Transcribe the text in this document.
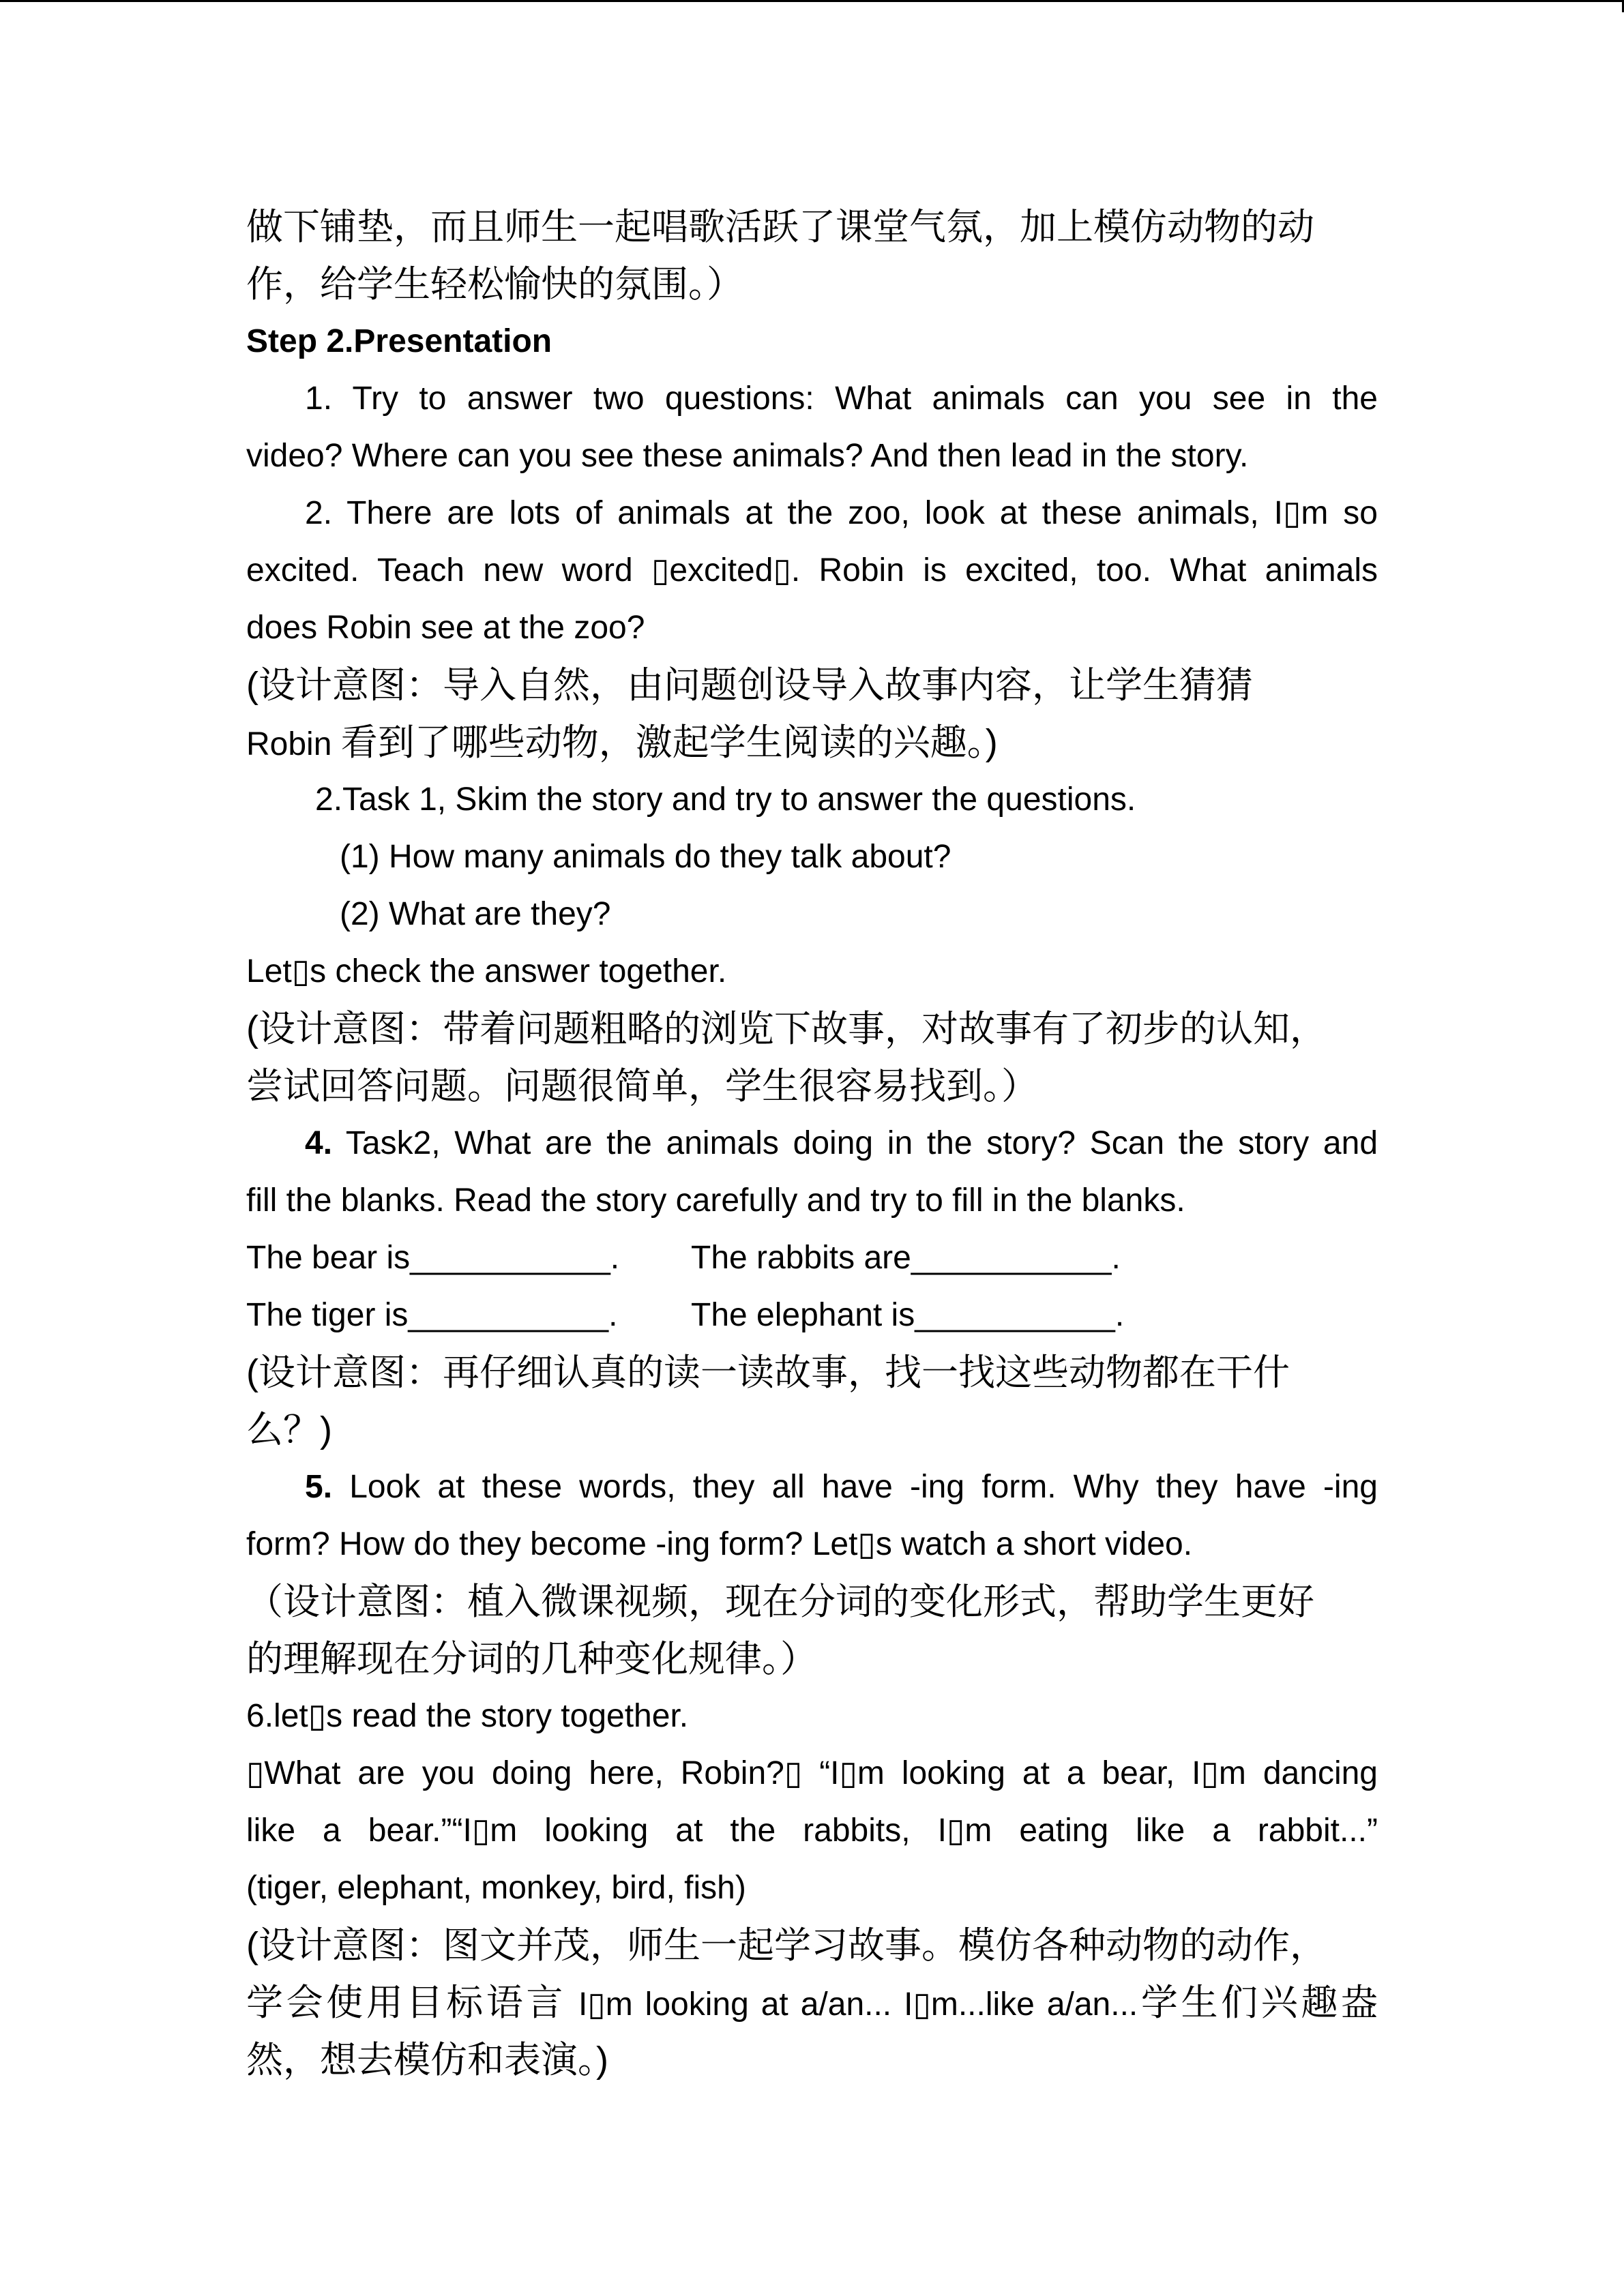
做下铺垫，而且师生一起唱歌活跃了课堂气氛，加上模仿动物的动
作，给学生轻松愉快的氛围。）
Step 2.Presentation
1. Try to answer two questions: What animals can you see in the
video? Where can you see these animals? And then lead in the story.
2. There are lots of animals at the zoo, look at these animals, I▯m so
excited. Teach new word ▯excited▯. Robin is excited, too. What animals
does Robin see at the zoo?
(设计意图：导入自然，由问题创设导入故事内容，让学生猜猜
Robin 看到了哪些动物，激起学生阅读的兴趣。)
2.Task 1, Skim the story and try to answer the questions.
(1) How many animals do they talk about?
(2) What are they?
Let▯s check the answer together.
(设计意图：带着问题粗略的浏览下故事，对故事有了初步的认知，
尝试回答问题。问题很简单，学生很容易找到。）
4. Task2, What are the animals doing in the story? Scan the story and
fill the blanks. Read the story carefully and try to fill in the blanks.
The bear is___________. The rabbits are___________.
The tiger is___________. The elephant is___________.
(设计意图：再仔细认真的读一读故事，找一找这些动物都在干什
么？)
5. Look at these words, they all have -ing form. Why they have -ing
form? How do they become -ing form? Let▯s watch a short video.
（设计意图：植入微课视频，现在分词的变化形式，帮助学生更好
的理解现在分词的几种变化规律。）
6.let▯s read the story together.
▯What are you doing here, Robin?▯ “I▯m looking at a bear, I▯m dancing
like a bear.”“I▯m looking at the rabbits, I▯m eating like a rabbit...”
(tiger, elephant, monkey, bird, fish)
(设计意图：图文并茂，师生一起学习故事。模仿各种动物的动作，
学会使用目标语言 I▯m looking at a/an... I▯m...like a/an...学生们兴趣盎
然，想去模仿和表演。)
